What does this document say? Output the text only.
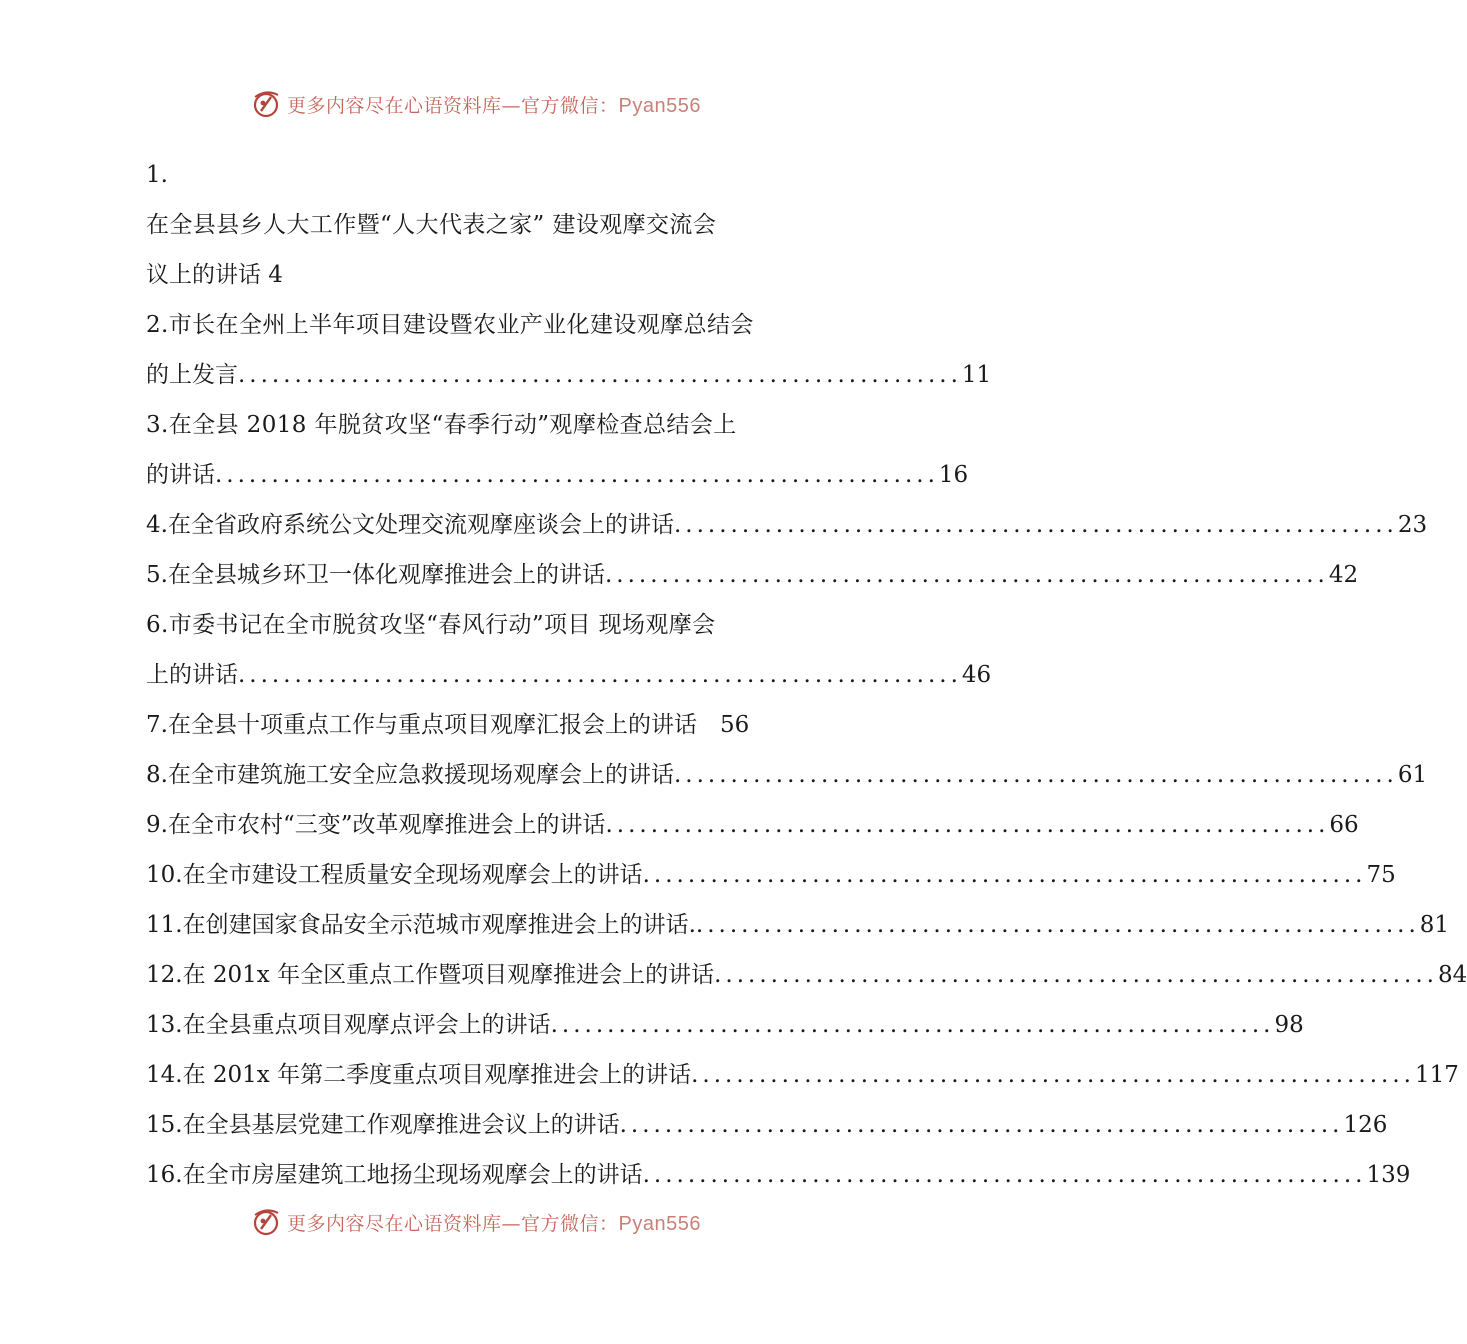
更多内容尽在心语资料库—官方微信：Pyan556
1.
在全县县乡人大工作暨“人大代表之家” 建设观摩交流会
议上的讲话 4
2.市长在全州上半年项目建设暨农业产业化建设观摩总结会
的上发言 ................................................................ 11
3.在全县 2018 年脱贫攻坚“春季行动”观摩检查总结会上
的讲话 ................................................................ 16
4.在全省政府系统公文处理交流观摩座谈会上的讲话 ................................................................ 23
5.在全县城乡环卫一体化观摩推进会上的讲话 ................................................................ 42
6.市委书记在全市脱贫攻坚“春风行动”项目 现场观摩会
上的讲话 ................................................................ 46
7.在全县十项重点工作与重点项目观摩汇报会上的讲话　56
8.在全市建筑施工安全应急救援现场观摩会上的讲话 ................................................................ 61
9.在全市农村“三变”改革观摩推进会上的讲话 ................................................................ 66
10.在全市建设工程质量安全现场观摩会上的讲话 ................................................................ 75
11.在创建国家食品安全示范城市观摩推进会上的讲话. ................................................................ 81
12.在 201x 年全区重点工作暨项目观摩推进会上的讲话 ................................................................ 84
13.在全县重点项目观摩点评会上的讲话 ................................................................ 98
14.在 201x 年第二季度重点项目观摩推进会上的讲话 ................................................................ 117
15.在全县基层党建工作观摩推进会议上的讲话 ................................................................ 126
16.在全市房屋建筑工地扬尘现场观摩会上的讲话 ................................................................ 139
更多内容尽在心语资料库—官方微信：Pyan556
